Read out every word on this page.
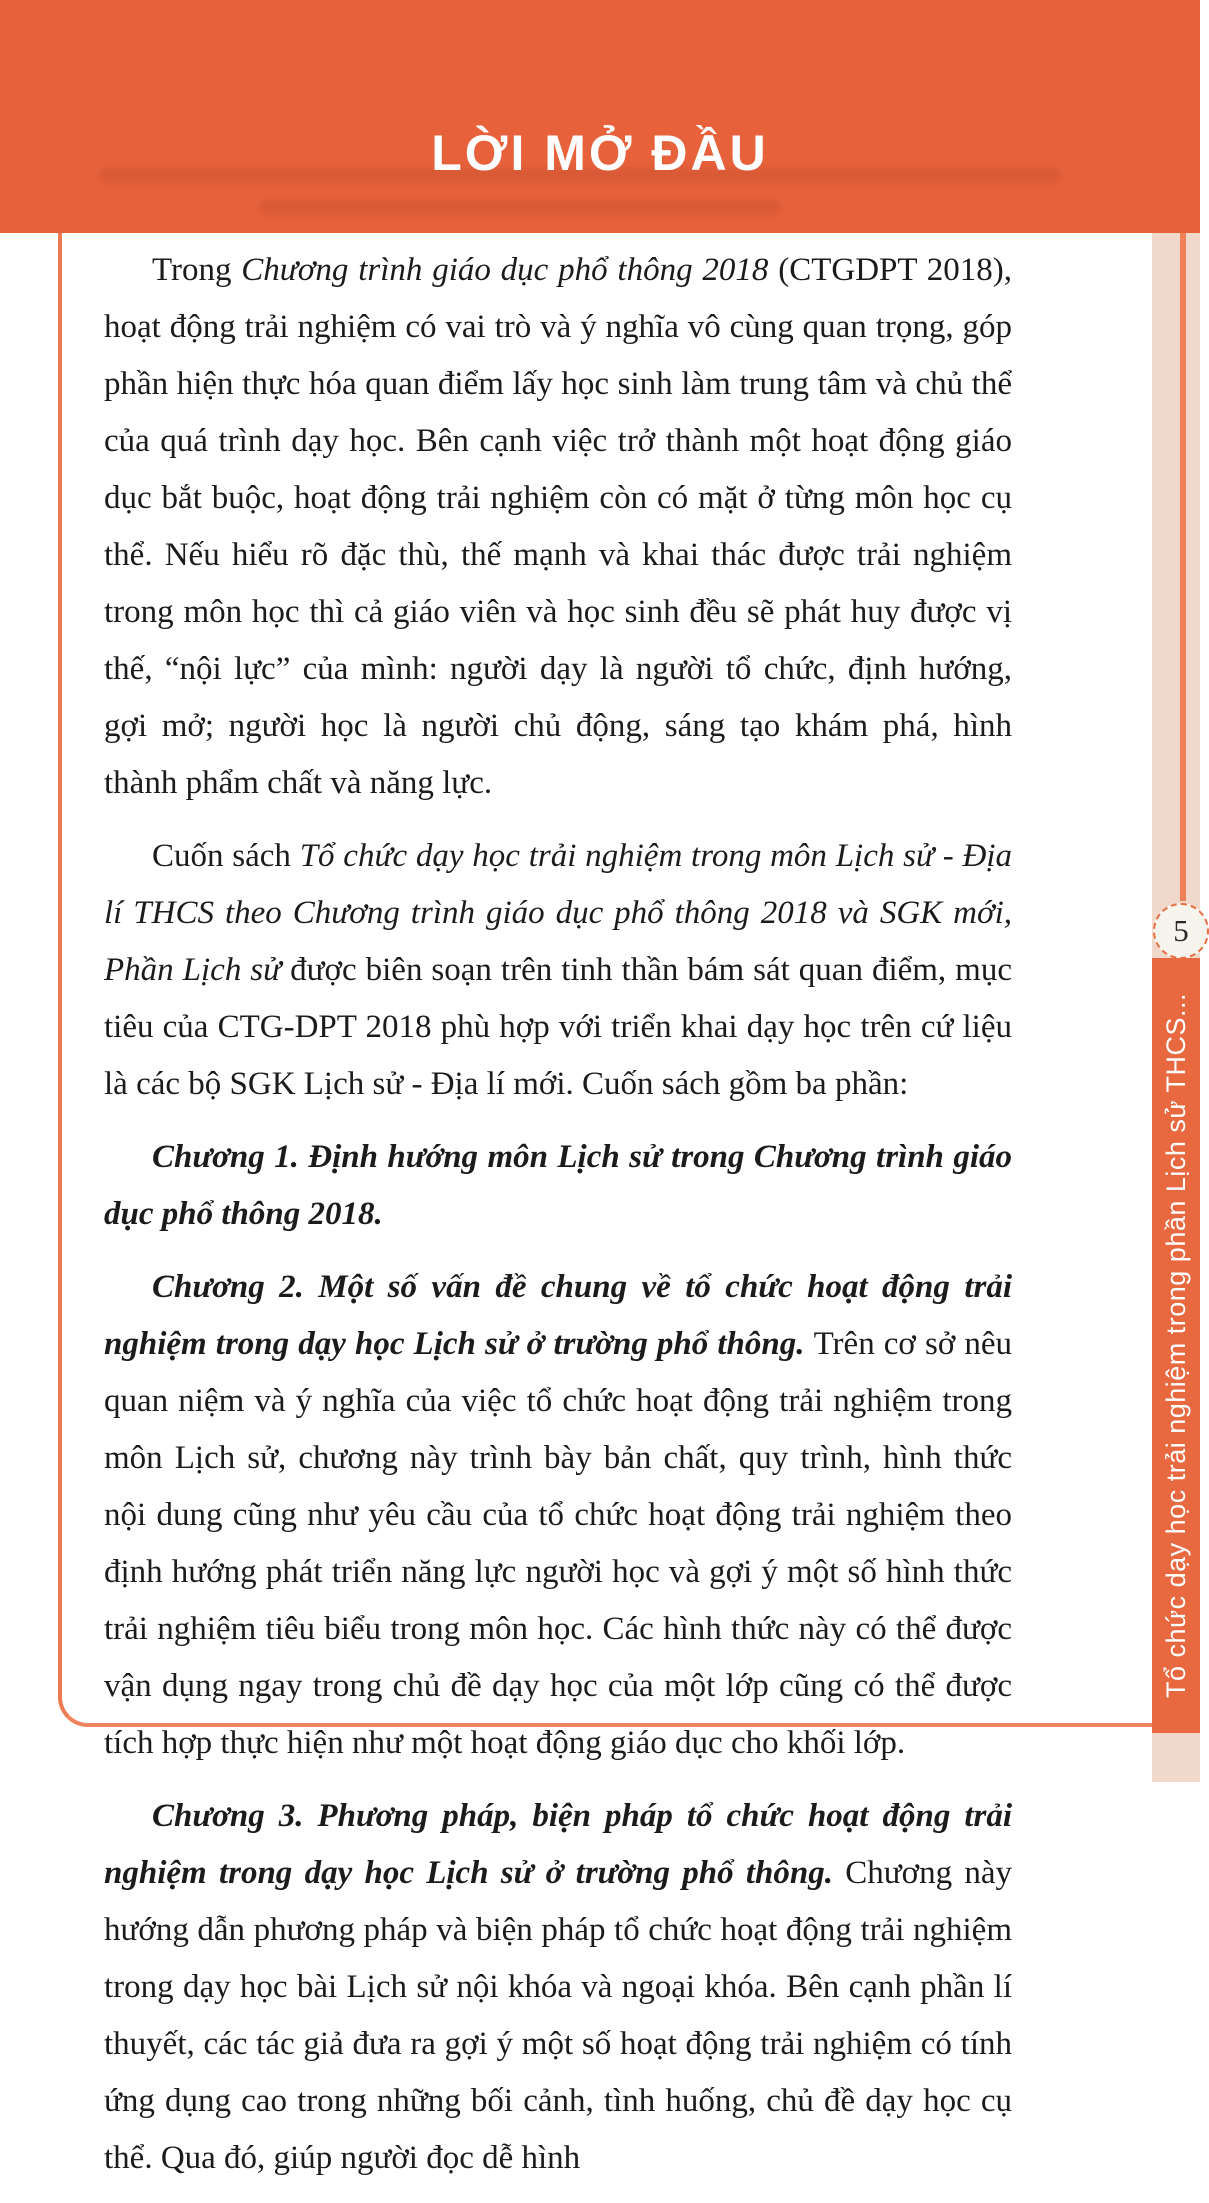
LỜI MỞ ĐẦU

Trong Chương trình giáo dục phổ thông 2018 (CTGDPT 2018), hoạt động trải nghiệm có vai trò và ý nghĩa vô cùng quan trọng, góp phần hiện thực hóa quan điểm lấy học sinh làm trung tâm và chủ thể của quá trình dạy học. Bên cạnh việc trở thành một hoạt động giáo dục bắt buộc, hoạt động trải nghiệm còn có mặt ở từng môn học cụ thể. Nếu hiểu rõ đặc thù, thế mạnh và khai thác được trải nghiệm trong môn học thì cả giáo viên và học sinh đều sẽ phát huy được vị thế, “nội lực” của mình: người dạy là người tổ chức, định hướng, gợi mở; người học là người chủ động, sáng tạo khám phá, hình thành phẩm chất và năng lực.

Cuốn sách Tổ chức dạy học trải nghiệm trong môn Lịch sử - Địa lí THCS theo Chương trình giáo dục phổ thông 2018 và SGK mới, Phần Lịch sử được biên soạn trên tinh thần bám sát quan điểm, mục tiêu của CTG-DPT 2018 phù hợp với triển khai dạy học trên cứ liệu là các bộ SGK Lịch sử - Địa lí mới. Cuốn sách gồm ba phần:

Chương 1. Định hướng môn Lịch sử trong Chương trình giáo dục phổ thông 2018.

Chương 2. Một số vấn đề chung về tổ chức hoạt động trải nghiệm trong dạy học Lịch sử ở trường phổ thông. Trên cơ sở nêu quan niệm và ý nghĩa của việc tổ chức hoạt động trải nghiệm trong môn Lịch sử, chương này trình bày bản chất, quy trình, hình thức nội dung cũng như yêu cầu của tổ chức hoạt động trải nghiệm theo định hướng phát triển năng lực người học và gợi ý một số hình thức trải nghiệm tiêu biểu trong môn học. Các hình thức này có thể được vận dụng ngay trong chủ đề dạy học của một lớp cũng có thể được tích hợp thực hiện như một hoạt động giáo dục cho khối lớp.

Chương 3. Phương pháp, biện pháp tổ chức hoạt động trải nghiệm trong dạy học Lịch sử ở trường phổ thông. Chương này hướng dẫn phương pháp và biện pháp tổ chức hoạt động trải nghiệm trong dạy học bài Lịch sử nội khóa và ngoại khóa. Bên cạnh phần lí thuyết, các tác giả đưa ra gợi ý một số hoạt động trải nghiệm có tính ứng dụng cao trong những bối cảnh, tình huống, chủ đề dạy học cụ thể. Qua đó, giúp người đọc dễ hình

5
Tổ chức dạy học trải nghiệm trong phần Lịch sử THCS...
